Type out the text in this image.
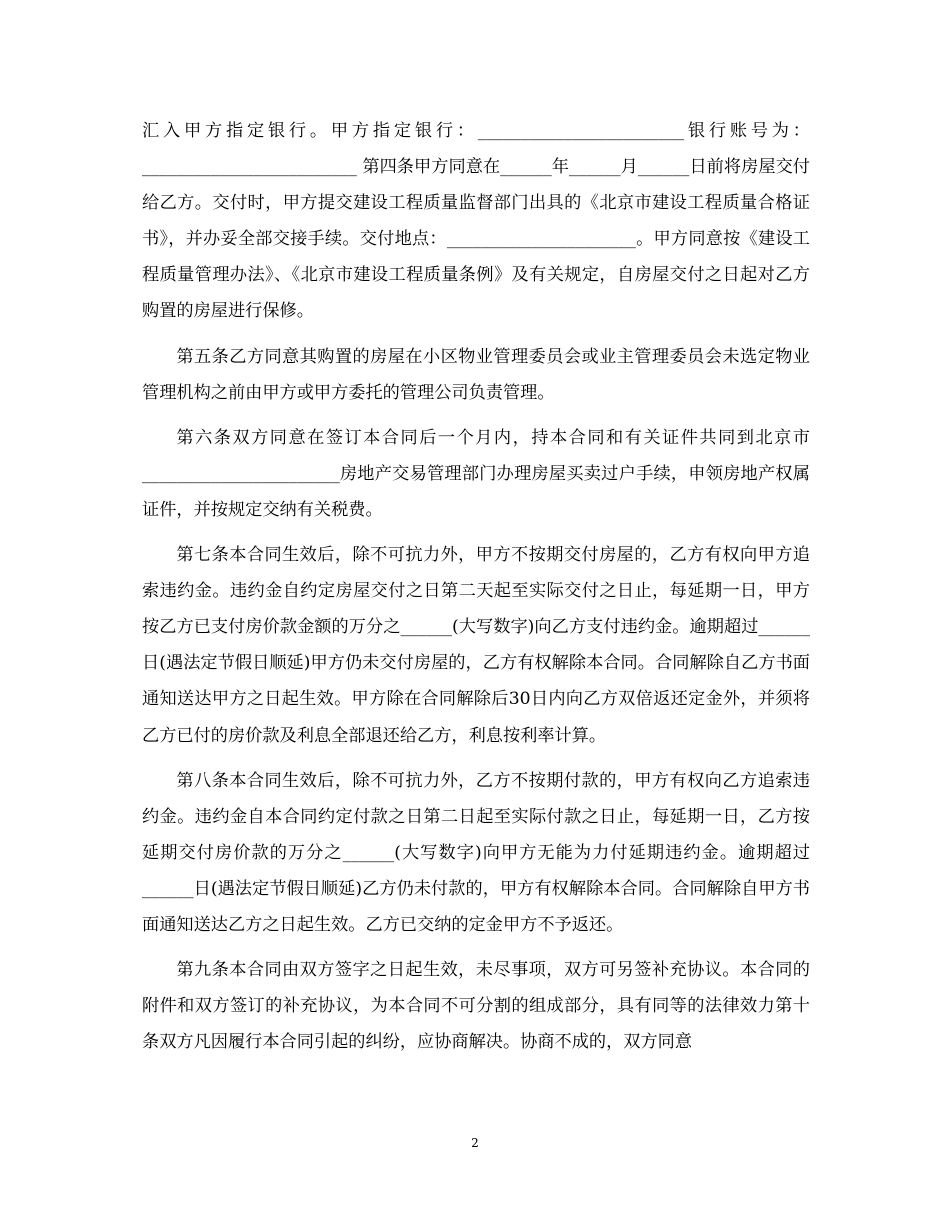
汇入甲方指定银行。甲方指定银行：________________________银行账号为：_________________________ 第四条甲方同意在______年______月______日前将房屋交付给乙方。交付时，甲方提交建设工程质量监督部门出具的《北京市建设工程质量合格证书》，并办妥全部交接手续。交付地点：______________________。甲方同意按《建设工程质量管理办法》、《北京市建设工程质量条例》及有关规定，自房屋交付之日起对乙方购置的房屋进行保修。

第五条乙方同意其购置的房屋在小区物业管理委员会或业主管理委员会未选定物业管理机构之前由甲方或甲方委托的管理公司负责管理。

第六条双方同意在签订本合同后一个月内，持本合同和有关证件共同到北京市_______________________房地产交易管理部门办理房屋买卖过户手续，申领房地产权属证件，并按规定交纳有关税费。

第七条本合同生效后，除不可抗力外，甲方不按期交付房屋的，乙方有权向甲方追索违约金。违约金自约定房屋交付之日第二天起至实际交付之日止，每延期一日，甲方按乙方已支付房价款金额的万分之______(大写数字)向乙方支付违约金。逾期超过______日(遇法定节假日顺延)甲方仍未交付房屋的，乙方有权解除本合同。合同解除自乙方书面通知送达甲方之日起生效。甲方除在合同解除后30日内向乙方双倍返还定金外，并须将乙方已付的房价款及利息全部退还给乙方，利息按利率计算。

第八条本合同生效后，除不可抗力外，乙方不按期付款的，甲方有权向乙方追索违约金。违约金自本合同约定付款之日第二日起至实际付款之日止，每延期一日，乙方按延期交付房价款的万分之______(大写数字)向甲方无能为力付延期违约金。逾期超过______日(遇法定节假日顺延)乙方仍未付款的，甲方有权解除本合同。合同解除自甲方书面通知送达乙方之日起生效。乙方已交纳的定金甲方不予返还。

第九条本合同由双方签字之日起生效，未尽事项，双方可另签补充协议。本合同的附件和双方签订的补充协议，为本合同不可分割的组成部分，具有同等的法律效力第十条双方凡因履行本合同引起的纠纷，应协商解决。协商不成的，双方同意

2
